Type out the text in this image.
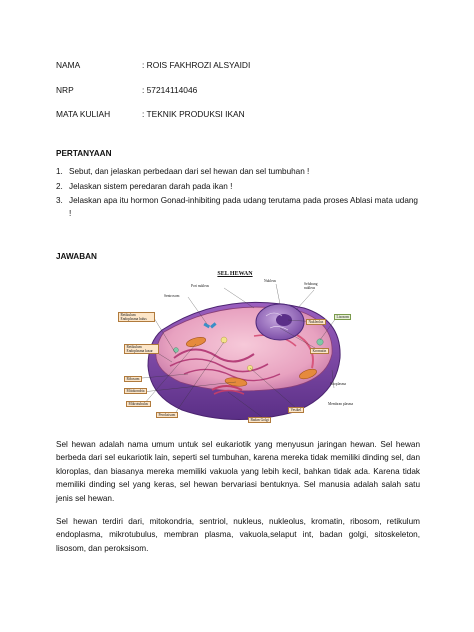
NAMA	: ROIS FAKHROZI ALSYAIDI
NRP	: 57214114046
MATA KULIAH	: TEKNIK PRODUKSI IKAN
PERTANYAAN
1. Sebut, dan jelaskan perbedaan dari sel hewan dan sel tumbuhan !
2. Jelaskan sistem peredaran darah pada ikan !
3. Jelaskan apa itu hormon Gonad-inhibiting pada udang terutama pada proses Ablasi mata udang !
JAWABAN
SEL HEWAN
Pori nukleus
Nukleus
Selubung nukleus
Sentrosom
Nukleolus
Lisosom
Retikulum Endoplasma halus
Retikulum Endoplasma kasar	Kromatin
Ribosom
Mitokondria
Mikrotubulus
Peroksisom
Badan Golgi
Vesikel
Membran plasma
Sitoplasma

Sel hewan adalah nama umum untuk sel eukariotik yang menyusun jaringan hewan. Sel hewan berbeda dari sel eukariotik lain, seperti sel tumbuhan, karena mereka tidak memiliki dinding sel, dan kloroplas, dan biasanya mereka memiliki vakuola yang lebih kecil, bahkan tidak ada. Karena tidak memiliki dinding sel yang keras, sel hewan bervariasi bentuknya. Sel manusia adalah salah satu jenis sel hewan.

Sel hewan terdiri dari, mitokondria, sentriol, nukleus, nukleolus, kromatin, ribosom, retikulum endoplasma, mikrotubulus, membran plasma, vakuola,selaput int, badan golgi, sitoskeleton, lisosom, dan peroksisom.
